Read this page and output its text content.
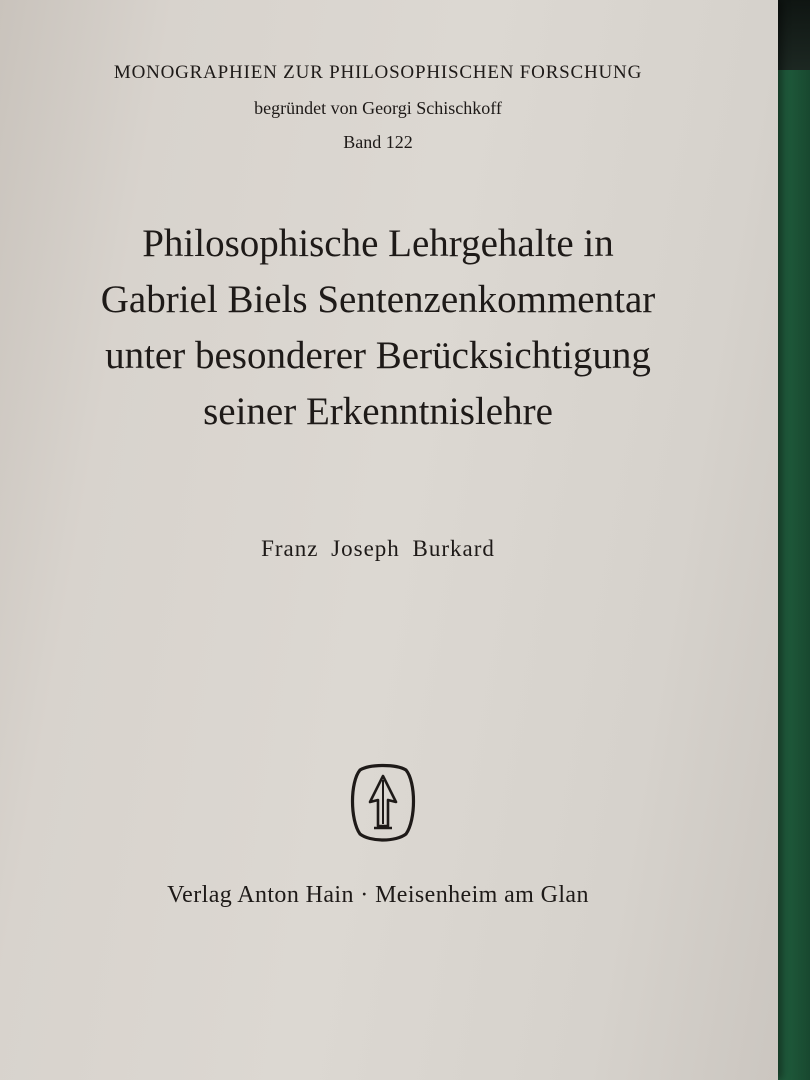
MONOGRAPHIEN ZUR PHILOSOPHISCHEN FORSCHUNG
begründet von Georgi Schischkoff
Band 122
Philosophische Lehrgehalte in
Gabriel Biels Sentenzenkommentar
unter besonderer Berücksichtigung
seiner Erkenntnislehre
Franz Joseph Burkard
Verlag Anton Hain · Meisenheim am Glan
